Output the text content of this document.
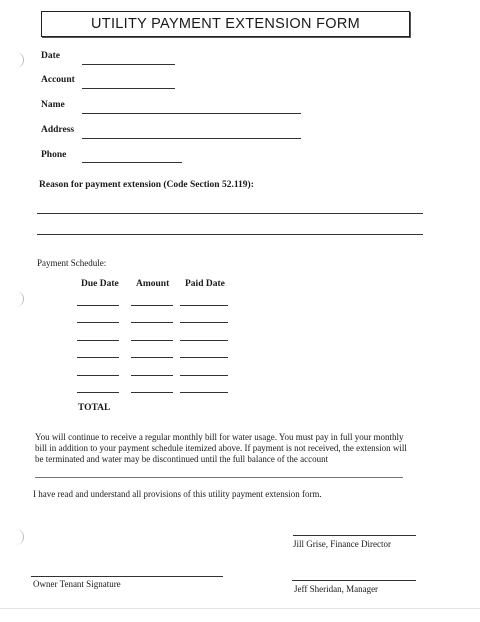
UTILITY PAYMENT EXTENSION FORM
Date
Account
Name
Address
Phone
Reason for payment extension (Code Section 52.119):
Payment Schedule:
Due Date Amount Paid Date
TOTAL
You will continue to receive a regular monthly bill for water usage. You must pay in full your monthly bill in addition to your payment schedule itemized above. If payment is not received, the extension will be terminated and water may be discontinued until the full balance of the account
I have read and understand all provisions of this utility payment extension form.
Jill Grise, Finance Director
Owner Tenant Signature	Jeff Sheridan, Manager
